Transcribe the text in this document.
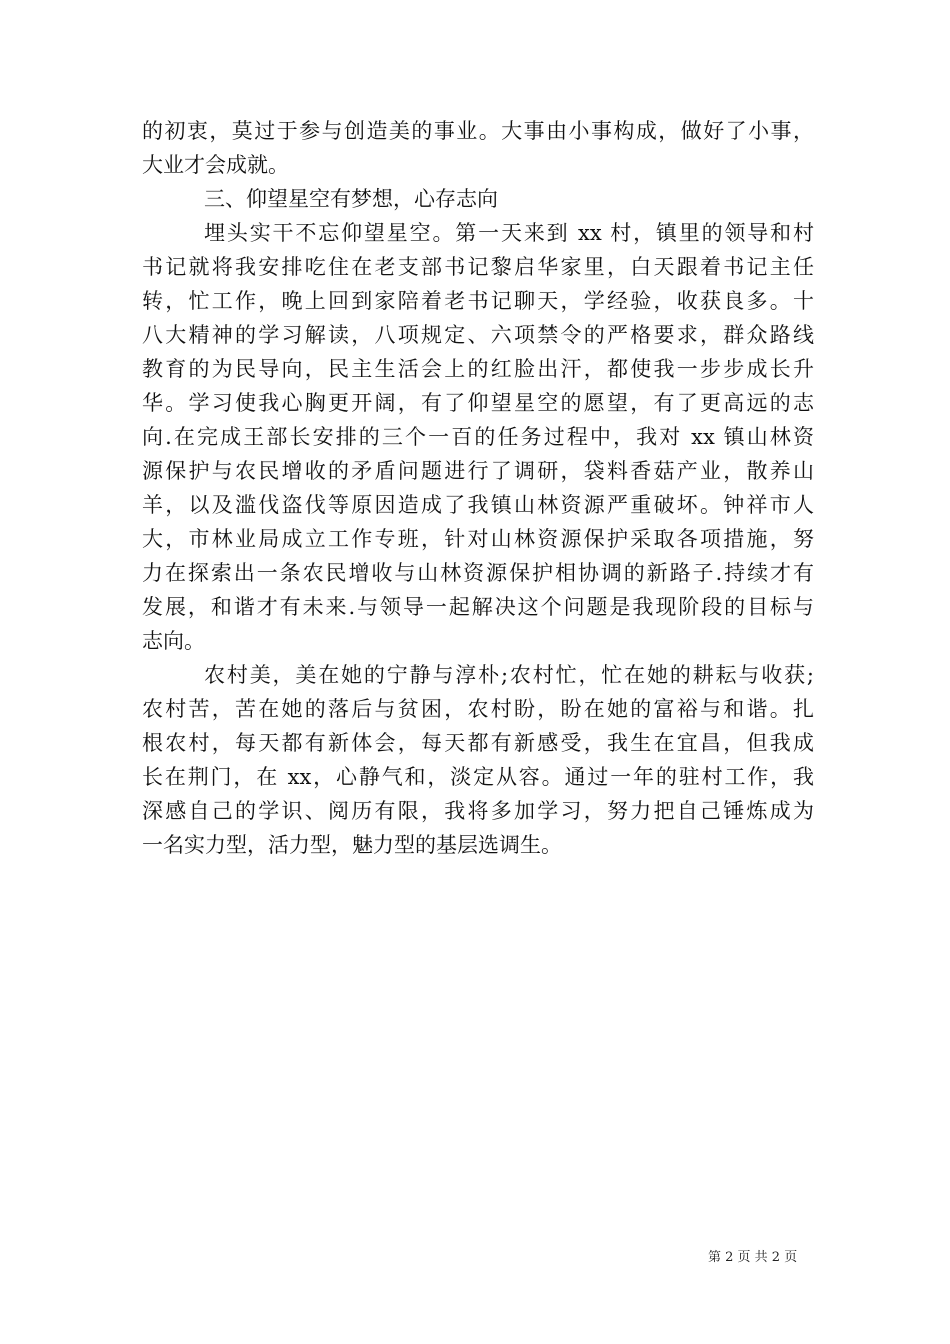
的初衷，莫过于参与创造美的事业。大事由小事构成，做好了小事，
大业才会成就。
三、仰望星空有梦想，心存志向
埋头实干不忘仰望星空。第一天来到 xx 村，镇里的领导和村
书记就将我安排吃住在老支部书记黎启华家里，白天跟着书记主任
转，忙工作，晚上回到家陪着老书记聊天，学经验，收获良多。十
八大精神的学习解读，八项规定、六项禁令的严格要求，群众路线
教育的为民导向，民主生活会上的红脸出汗，都使我一步步成长升
华。学习使我心胸更开阔，有了仰望星空的愿望，有了更高远的志
向.在完成王部长安排的三个一百的任务过程中，我对 xx 镇山林资
源保护与农民增收的矛盾问题进行了调研，袋料香菇产业，散养山
羊，以及滥伐盗伐等原因造成了我镇山林资源严重破坏。钟祥市人
大，市林业局成立工作专班，针对山林资源保护采取各项措施，努
力在探索出一条农民增收与山林资源保护相协调的新路子.持续才有
发展，和谐才有未来.与领导一起解决这个问题是我现阶段的目标与
志向。
农村美，美在她的宁静与淳朴;农村忙，忙在她的耕耘与收获;
农村苦，苦在她的落后与贫困，农村盼，盼在她的富裕与和谐。扎
根农村，每天都有新体会，每天都有新感受，我生在宜昌，但我成
长在荆门，在 xx，心静气和，淡定从容。通过一年的驻村工作，我
深感自己的学识、阅历有限，我将多加学习，努力把自己锤炼成为
一名实力型，活力型，魅力型的基层选调生。
第 2 页 共 2 页
